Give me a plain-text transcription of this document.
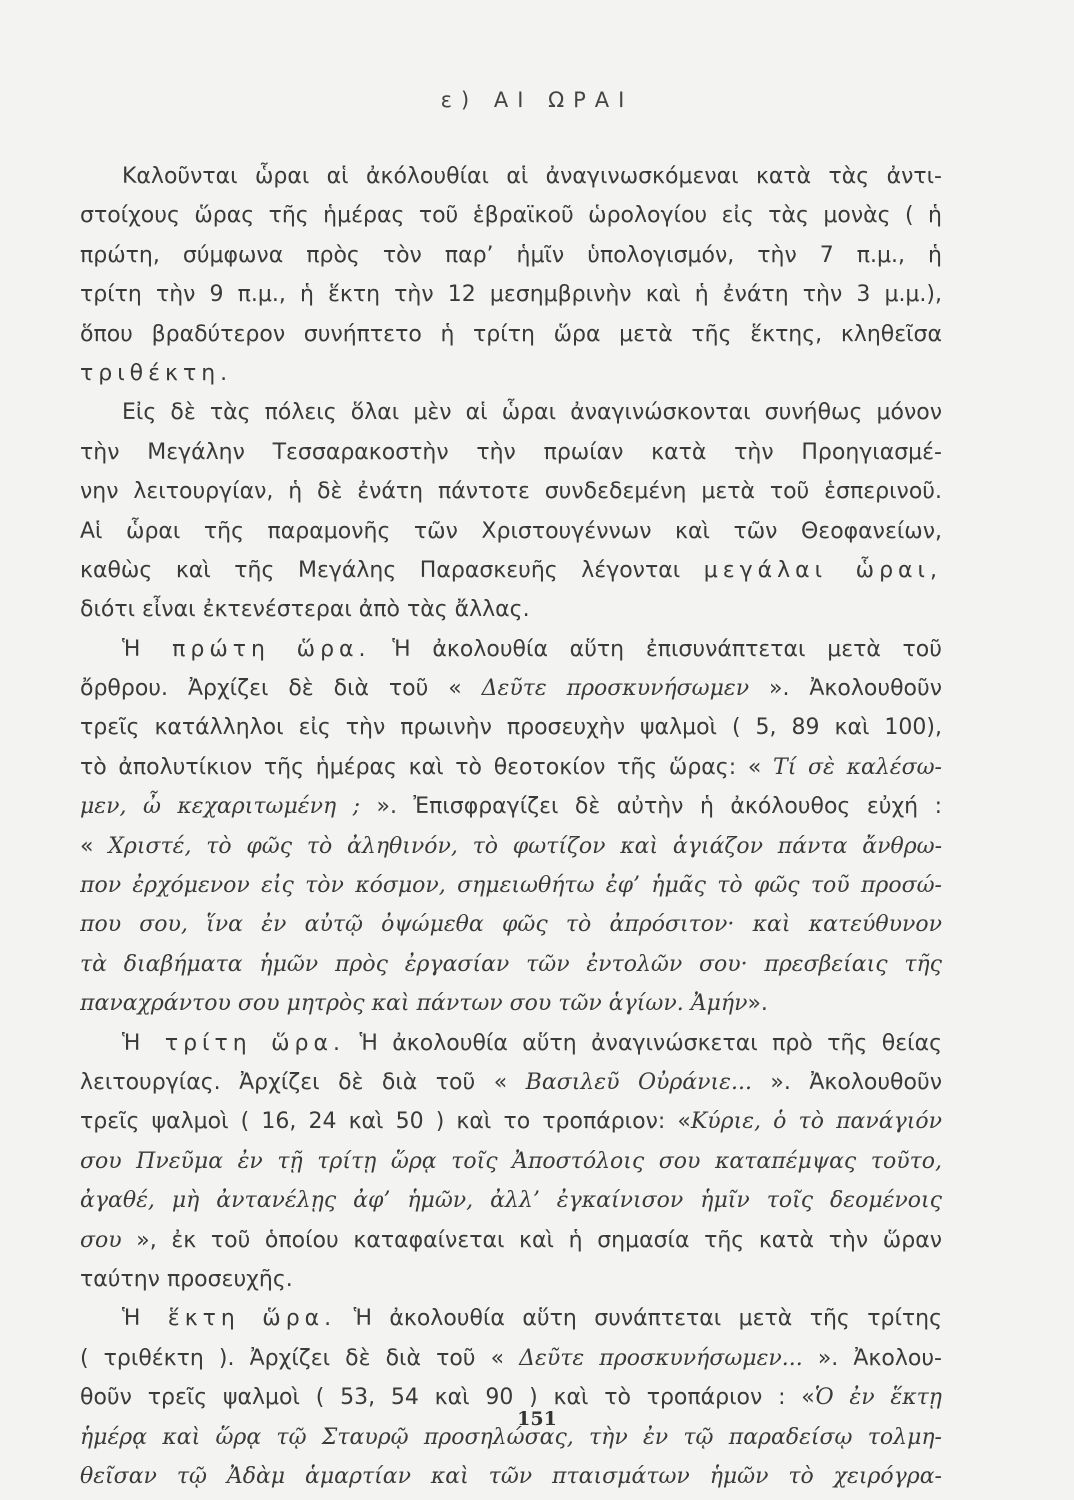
ε) ΑΙ ΩΡΑΙ
Καλοῦνται ὧραι αἱ ἀκόλουθίαι αἱ ἀναγινωσκόμεναι κατὰ τὰς ἀντι-
στοίχους ὥρας τῆς ἡμέρας τοῦ ἑβραϊκοῦ ὡρολογίου εἰς τὰς μονὰς ( ἡ
πρώτη, σύμφωνα πρὸς τὸν παρ’ ἡμῖν ὑπολογισμόν, τὴν 7 π.μ., ἡ
τρίτη τὴν 9 π.μ., ἡ ἕκτη τὴν 12 μεσημβρινὴν καὶ ἡ ἐνάτη τὴν 3 μ.μ.),
ὅπου βραδύτερον συνήπτετο ἡ τρίτη ὥρα μετὰ τῆς ἕκτης, κληθεῖσα
τριθέκτη.
Εἰς δὲ τὰς πόλεις ὅλαι μὲν αἱ ὧραι ἀναγινώσκονται συνήθως μόνον
τὴν Μεγάλην Τεσσαρακοστὴν τὴν πρωίαν κατὰ τὴν Προηγιασμέ-
νην λειτουργίαν, ἡ δὲ ἐνάτη πάντοτε συνδεδεμένη μετὰ τοῦ ἑσπερινοῦ.
Αἱ ὧραι τῆς παραμονῆς τῶν Χριστουγέννων καὶ τῶν Θεοφανείων,
καθὼς καὶ τῆς Μεγάλης Παρασκευῆς λέγονται μεγάλαι ὧραι,
διότι εἶναι ἐκτενέστεραι ἀπὸ τὰς ἄλλας.
Ἡ πρώτη ὥρα. Ἡ ἀκολουθία αὕτη ἐπισυνάπτεται μετὰ τοῦ
ὄρθρου. Ἀρχίζει δὲ διὰ τοῦ « Δεῦτε προσκυνήσωμεν ». Ἀκολουθοῦν
τρεῖς κατάλληλοι εἰς τὴν πρωινὴν προσευχὴν ψαλμοὶ ( 5, 89 καὶ 100),
τὸ ἀπολυτίκιον τῆς ἡμέρας καὶ τὸ θεοτοκίον τῆς ὥρας: « Τί σὲ καλέσω-
μεν, ὦ κεχαριτωμένη ; ». Ἐπισφραγίζει δὲ αὐτὴν ἡ ἀκόλουθος εὐχή :
« Χριστέ, τὸ φῶς τὸ ἀληθινόν, τὸ φωτίζον καὶ ἁγιάζον πάντα ἄνθρω-
πον ἐρχόμενον εἰς τὸν κόσμον, σημειωθήτω ἐφ’ ἡμᾶς τὸ φῶς τοῦ προσώ-
που σου, ἵνα ἐν αὐτῷ ὀψώμεθα φῶς τὸ ἀπρόσιτον· καὶ κατεύθυνον
τὰ διαβήματα ἡμῶν πρὸς ἐργασίαν τῶν ἐντολῶν σου· πρεσβείαις τῆς
παναχράντου σου μητρὸς καὶ πάντων σου τῶν ἁγίων. Ἀμήν».
Ἡ τρίτη ὥρα. Ἡ ἀκολουθία αὕτη ἀναγινώσκεται πρὸ τῆς θείας
λειτουργίας. Ἀρχίζει δὲ διὰ τοῦ « Βασιλεῦ Οὐράνιε... ». Ἀκολουθοῦν
τρεῖς ψαλμοὶ ( 16, 24 καὶ 50 ) καὶ το τροπάριον: «Κύριε, ὁ τὸ πανάγιόν
σου Πνεῦμα ἐν τῇ τρίτῃ ὥρᾳ τοῖς Ἀποστόλοις σου καταπέμψας τοῦτο,
ἀγαθέ, μὴ ἀντανέλῃς ἀφ’ ἡμῶν, ἀλλ’ ἐγκαίνισον ἡμῖν τοῖς δεομένοις
σου », ἐκ τοῦ ὁποίου καταφαίνεται καὶ ἡ σημασία τῆς κατὰ τὴν ὥραν
ταύτην προσευχῆς.
Ἡ ἕκτη ὥρα. Ἡ ἀκολουθία αὕτη συνάπτεται μετὰ τῆς τρίτης
( τριθέκτη ). Ἀρχίζει δὲ διὰ τοῦ « Δεῦτε προσκυνήσωμεν... ». Ἀκολου-
θοῦν τρεῖς ψαλμοὶ ( 53, 54 καὶ 90 ) καὶ τὸ τροπάριον : «Ὁ ἐν ἕκτῃ
ἡμέρᾳ καὶ ὥρᾳ τῷ Σταυρῷ προσηλώσας, τὴν ἐν τῷ παραδείσῳ τολμη-
θεῖσαν τῷ Ἀδὰμ ἁμαρτίαν καὶ τῶν πταισμάτων ἡμῶν τὸ χειρόγρα-
151
